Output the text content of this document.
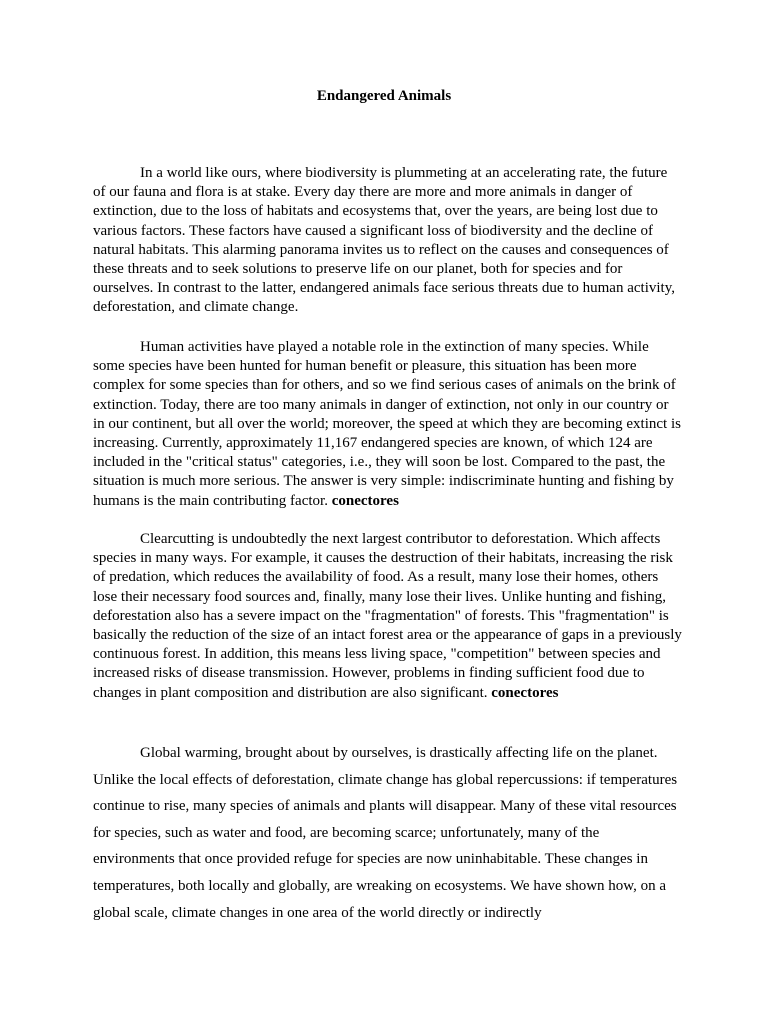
Endangered Animals

In a world like ours, where biodiversity is plummeting at an accelerating rate, the future of our fauna and flora is at stake. Every day there are more and more animals in danger of extinction, due to the loss of habitats and ecosystems that, over the years, are being lost due to various factors. These factors have caused a significant loss of biodiversity and the decline of natural habitats. This alarming panorama invites us to reflect on the causes and consequences of these threats and to seek solutions to preserve life on our planet, both for species and for ourselves. In contrast to the latter, endangered animals face serious threats due to human activity, deforestation, and climate change.

Human activities have played a notable role in the extinction of many species. While some species have been hunted for human benefit or pleasure, this situation has been more complex for some species than for others, and so we find serious cases of animals on the brink of extinction. Today, there are too many animals in danger of extinction, not only in our country or in our continent, but all over the world; moreover, the speed at which they are becoming extinct is increasing. Currently, approximately 11,167 endangered species are known, of which 124 are included in the "critical status" categories, i.e., they will soon be lost. Compared to the past, the situation is much more serious. The answer is very simple: indiscriminate hunting and fishing by humans is the main contributing factor. conectores

Clearcutting is undoubtedly the next largest contributor to deforestation. Which affects species in many ways. For example, it causes the destruction of their habitats, increasing the risk of predation, which reduces the availability of food. As a result, many lose their homes, others lose their necessary food sources and, finally, many lose their lives. Unlike hunting and fishing, deforestation also has a severe impact on the "fragmentation" of forests. This "fragmentation" is basically the reduction of the size of an intact forest area or the appearance of gaps in a previously continuous forest. In addition, this means less living space, "competition" between species and increased risks of disease transmission. However, problems in finding sufficient food due to changes in plant composition and distribution are also significant. conectores

Global warming, brought about by ourselves, is drastically affecting life on the planet. Unlike the local effects of deforestation, climate change has global repercussions: if temperatures continue to rise, many species of animals and plants will disappear. Many of these vital resources for species, such as water and food, are becoming scarce; unfortunately, many of the environments that once provided refuge for species are now uninhabitable. These changes in temperatures, both locally and globally, are wreaking on ecosystems. We have shown how, on a global scale, climate changes in one area of the world directly or indirectly
